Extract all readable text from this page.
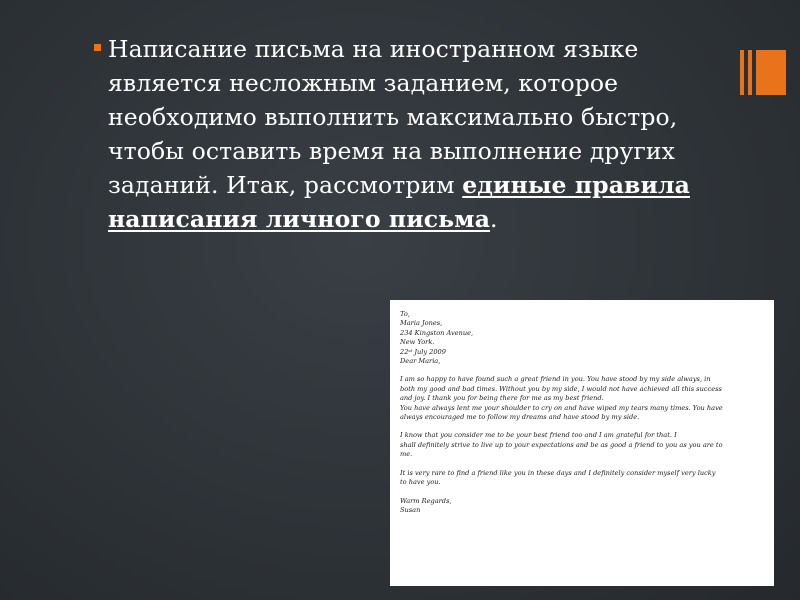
Написание письма на иностранном языке является несложным заданием, которое необходимо выполнить максимально быстро, чтобы оставить время на выполнение других заданий. Итак, рассмотрим единые правила написания личного письма.

To,
Maria Jones,
234 Kingston Avenue,
New York.
22ˢᵗ July 2009
Dear Maria,
I am so happy to have found such a great friend in you. You have stood by my side always, in
both my good and bad times. Without you by my side, I would not have achieved all this success
and joy. I thank you for being there for me as my best friend.
You have always lent me your shoulder to cry on and have wiped my tears many times. You have
always encouraged me to follow my dreams and have stood by my side.
I know that you consider me to be your best friend too and I am grateful for that. I
shall definitely strive to live up to your expectations and be as good a friend to you as you are to
me.
It is very rare to find a friend like you in these days and I definitely consider myself very lucky
to have you.
Warm Regards,
Susan
